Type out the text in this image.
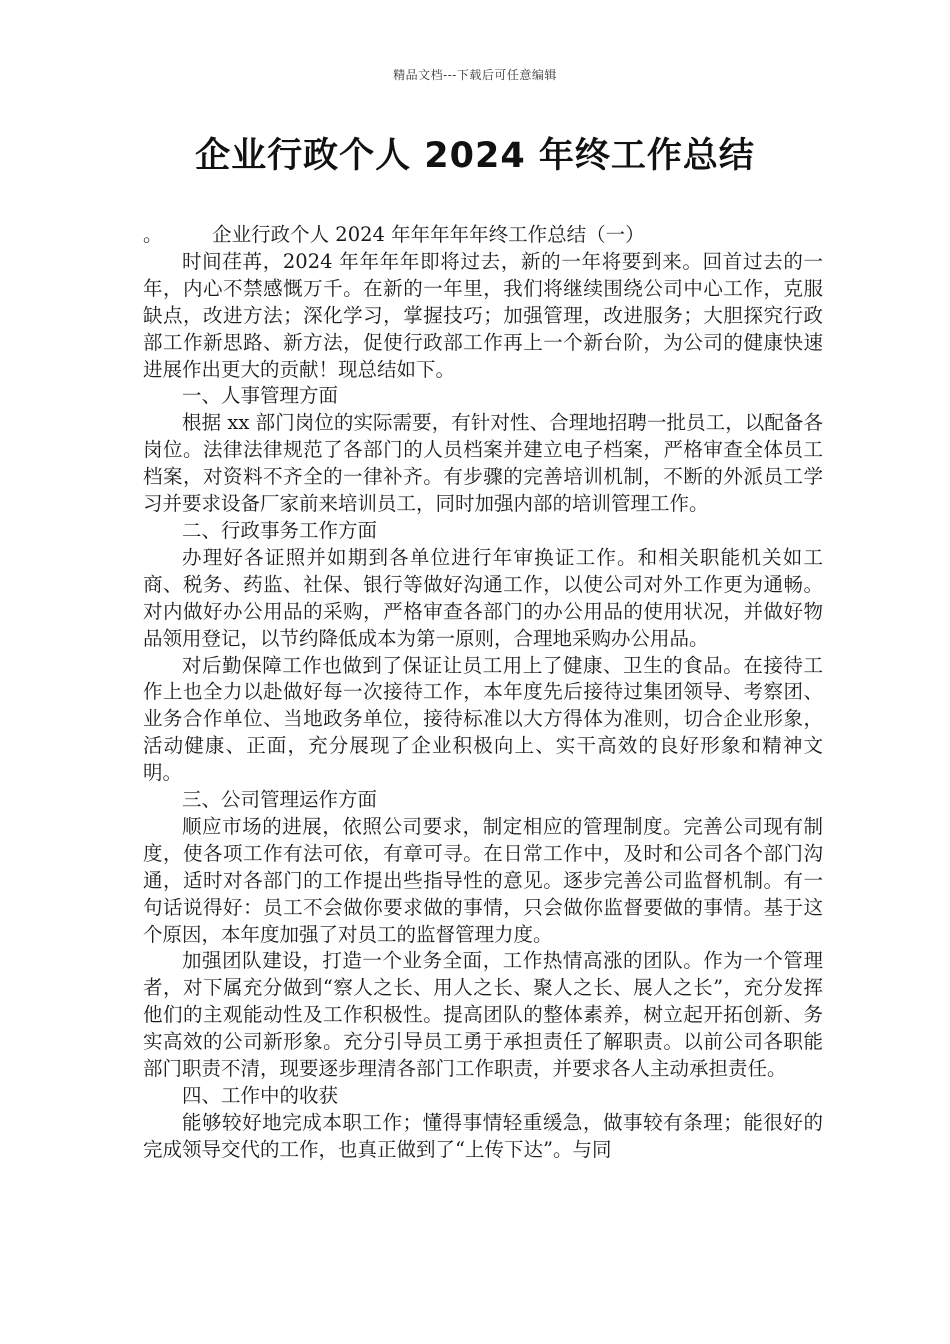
精品文档---下载后可任意编辑
企业行政个人 2024 年终工作总结

。	企业行政个人 2024 年年年年年终工作总结（一）

时间荏苒，2024 年年年年即将过去，新的一年将要到来。回首过去的一年，内心不禁感慨万千。在新的一年里，我们将继续围绕公司中心工作，克服缺点，改进方法；深化学习，掌握技巧；加强管理，改进服务；大胆探究行政部工作新思路、新方法，促使行政部工作再上一个新台阶，为公司的健康快速进展作出更大的贡献！现总结如下。

一、人事管理方面

根据 xx 部门岗位的实际需要，有针对性、合理地招聘一批员工，以配备各岗位。法律法律规范了各部门的人员档案并建立电子档案，严格审查全体员工档案，对资料不齐全的一律补齐。有步骤的完善培训机制，不断的外派员工学习并要求设备厂家前来培训员工，同时加强内部的培训管理工作。

二、行政事务工作方面

办理好各证照并如期到各单位进行年审换证工作。和相关职能机关如工商、税务、药监、社保、银行等做好沟通工作，以使公司对外工作更为通畅。对内做好办公用品的采购，严格审查各部门的办公用品的使用状况，并做好物品领用登记，以节约降低成本为第一原则，合理地采购办公用品。

对后勤保障工作也做到了保证让员工用上了健康、卫生的食品。在接待工作上也全力以赴做好每一次接待工作，本年度先后接待过集团领导、考察团、业务合作单位、当地政务单位，接待标准以大方得体为准则，切合企业形象，活动健康、正面，充分展现了企业积极向上、实干高效的良好形象和精神文明。

三、公司管理运作方面

顺应市场的进展，依照公司要求，制定相应的管理制度。完善公司现有制度，使各项工作有法可依，有章可寻。在日常工作中，及时和公司各个部门沟通，适时对各部门的工作提出些指导性的意见。逐步完善公司监督机制。有一句话说得好：员工不会做你要求做的事情，只会做你监督要做的事情。基于这个原因，本年度加强了对员工的监督管理力度。

加强团队建设，打造一个业务全面，工作热情高涨的团队。作为一个管理者，对下属充分做到“察人之长、用人之长、聚人之长、展人之长”，充分发挥他们的主观能动性及工作积极性。提高团队的整体素养，树立起开拓创新、务实高效的公司新形象。充分引导员工勇于承担责任了解职责。以前公司各职能部门职责不清，现要逐步理清各部门工作职责，并要求各人主动承担责任。

四、工作中的收获

能够较好地完成本职工作；懂得事情轻重缓急，做事较有条理；能很好的完成领导交代的工作，也真正做到了“上传下达”。与同
